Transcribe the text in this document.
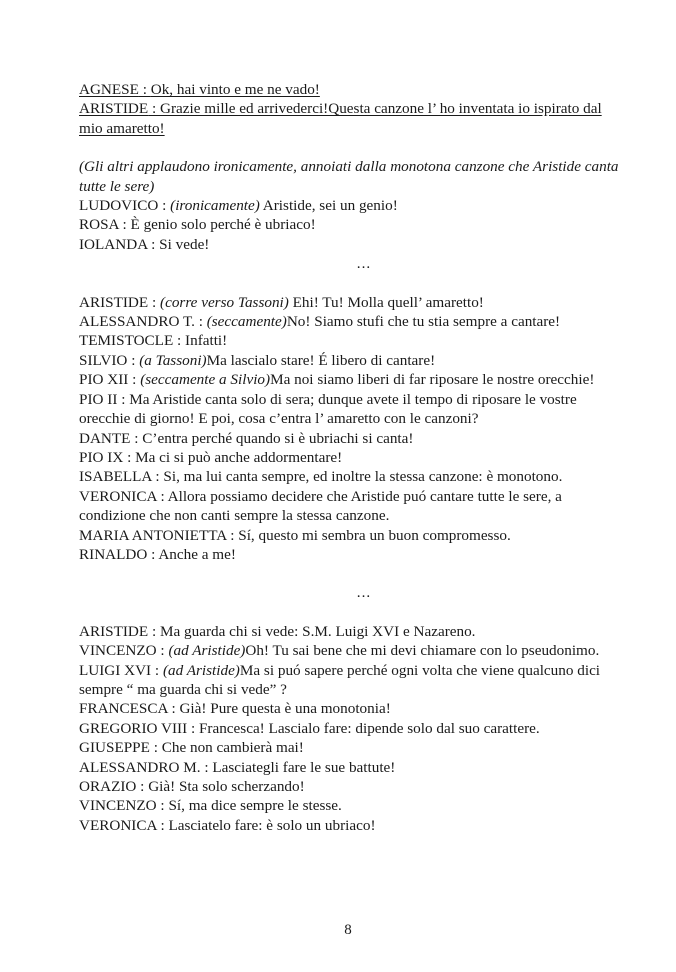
AGNESE : Ok, hai vinto e me ne vado!
ARISTIDE : Grazie mille ed arrivederci!Questa canzone l’ ho inventata io ispirato dal mio amaretto!
(Gli altri applaudono ironicamente, annoiati dalla monotona canzone che Aristide canta tutte le sere)
LUDOVICO : (ironicamente) Aristide, sei un genio!
ROSA : È genio solo perché è ubriaco!
IOLANDA : Si vede!
...
ARISTIDE : (corre verso Tassoni) Ehi! Tu! Molla quell’ amaretto!
ALESSANDRO T. : (seccamente)No! Siamo stufi che tu stia sempre a cantare!
TEMISTOCLE : Infatti!
SILVIO : (a Tassoni)Ma lascialo stare! É libero di cantare!
PIO XII : (seccamente a Silvio)Ma noi siamo liberi di far riposare le nostre orecchie!
PIO II : Ma Aristide canta solo di sera; dunque avete il tempo di riposare le vostre orecchie di giorno! E poi, cosa c’entra l’ amaretto con le canzoni?
DANTE : C’entra perché quando si è ubriachi si canta!
PIO IX : Ma ci si può anche addormentare!
ISABELLA : Si, ma lui canta sempre, ed inoltre la stessa canzone: è monotono.
VERONICA : Allora possiamo decidere che Aristide puó cantare tutte le sere, a condizione che non canti sempre la stessa canzone.
MARIA ANTONIETTA : Sí, questo mi sembra un buon compromesso.
RINALDO : Anche a me!
...
ARISTIDE : Ma guarda chi si vede: S.M. Luigi XVI e Nazareno.
VINCENZO : (ad Aristide)Oh! Tu sai bene che mi devi chiamare con lo pseudonimo.
LUIGI XVI : (ad Aristide)Ma si puó sapere perché ogni volta che viene qualcuno dici sempre “ ma guarda chi si vede” ?
FRANCESCA : Già! Pure questa è una monotonia!
GREGORIO VIII : Francesca! Lascialo fare: dipende solo dal suo carattere.
GIUSEPPE : Che non cambierà mai!
ALESSANDRO M. : Lasciategli fare le sue battute!
ORAZIO : Già! Sta solo scherzando!
VINCENZO : Sí, ma dice sempre le stesse.
VERONICA : Lasciatelo fare: è solo un ubriaco!
8
